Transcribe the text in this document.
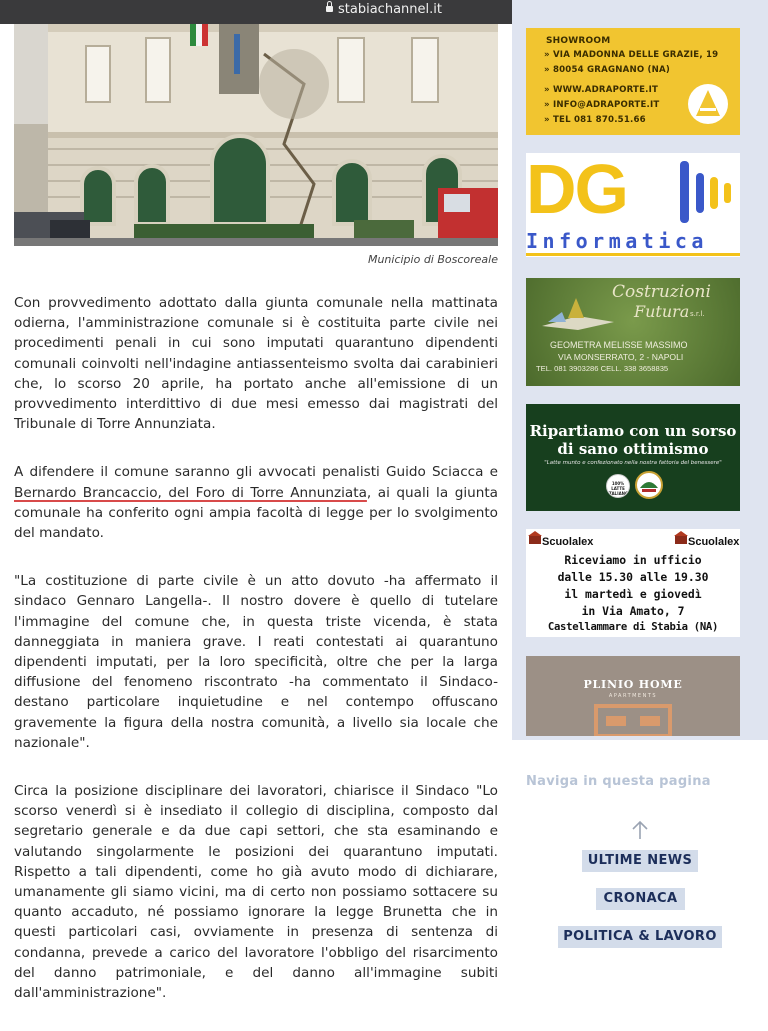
stabiachannel.it
Municipio di Boscoreale

Con provvedimento adottato dalla giunta comunale nella mattinata odierna, l'amministrazione comunale si è costituita parte civile nei procedimenti penali in cui sono imputati quarantuno dipendenti comunali coinvolti nell'indagine antiassenteismo svolta dai carabinieri che, lo scorso 20 aprile, ha portato anche all'emissione di un provvedimento interdittivo di due mesi emesso dai magistrati del Tribunale di Torre Annunziata.

A difendere il comune saranno gli avvocati penalisti Guido Sciacca e Bernardo Brancaccio, del Foro di Torre Annunziata, ai quali la giunta comunale ha conferito ogni ampia facoltà di legge per lo svolgimento del mandato.

"La costituzione di parte civile è un atto dovuto -ha affermato il sindaco Gennaro Langella-. Il nostro dovere è quello di tutelare l'immagine del comune che, in questa triste vicenda, è stata danneggiata in maniera grave. I reati contestati ai quarantuno dipendenti imputati, per la loro specificità, oltre che per la larga diffusione del fenomeno riscontrato -ha commentato il Sindaco- destano particolare inquietudine e nel contempo offuscano gravemente la figura della nostra comunità, a livello sia locale che nazionale".

Circa la posizione disciplinare dei lavoratori, chiarisce il Sindaco "Lo scorso venerdì si è insediato il collegio di disciplina, composto dal segretario generale e da due capi settori, che sta esaminando e valutando singolarmente le posizioni dei quarantuno imputati. Rispetto a tali dipendenti, come ho già avuto modo di dichiarare, umanamente gli siamo vicini, ma di certo non possiamo sottacere su quanto accaduto, né possiamo ignorare la legge Brunetta che in questi particolari casi, ovviamente in presenza di sentenza di condanna, prevede a carico del lavoratore l'obbligo del risarcimento del danno patrimoniale, e del danno all'immagine subiti dall'amministrazione".

SHOWROOM
» VIA MADONNA DELLE GRAZIE, 19
» 80054 GRAGNANO (NA)
» WWW.ADRAPORTE.IT
» INFO@ADRAPORTE.IT
» TEL 081 870.51.66
DG
Informatica
Costruzioni
Futura s.r.l.
GEOMETRA MELISSE MASSIMO
VIA MONSERRATO, 2 - NAPOLI
TEL. 081 3903286 CELL. 338 3658835
Ripartiamo con un sorso
di sano ottimismo
"Latte munto e confezionato nella nostra fattoria del benessere"
100% LATTE ITALIANO
Scuolalex	Scuolalex
Riceviamo in ufficio
dalle 15.30 alle 19.30
il martedì e giovedì
in Via Amato, 7
Castellammare di Stabia (NA)
PLINIO HOME
APARTMENTS
Naviga in questa pagina
ULTIME NEWS
CRONACA
POLITICA & LAVORO
